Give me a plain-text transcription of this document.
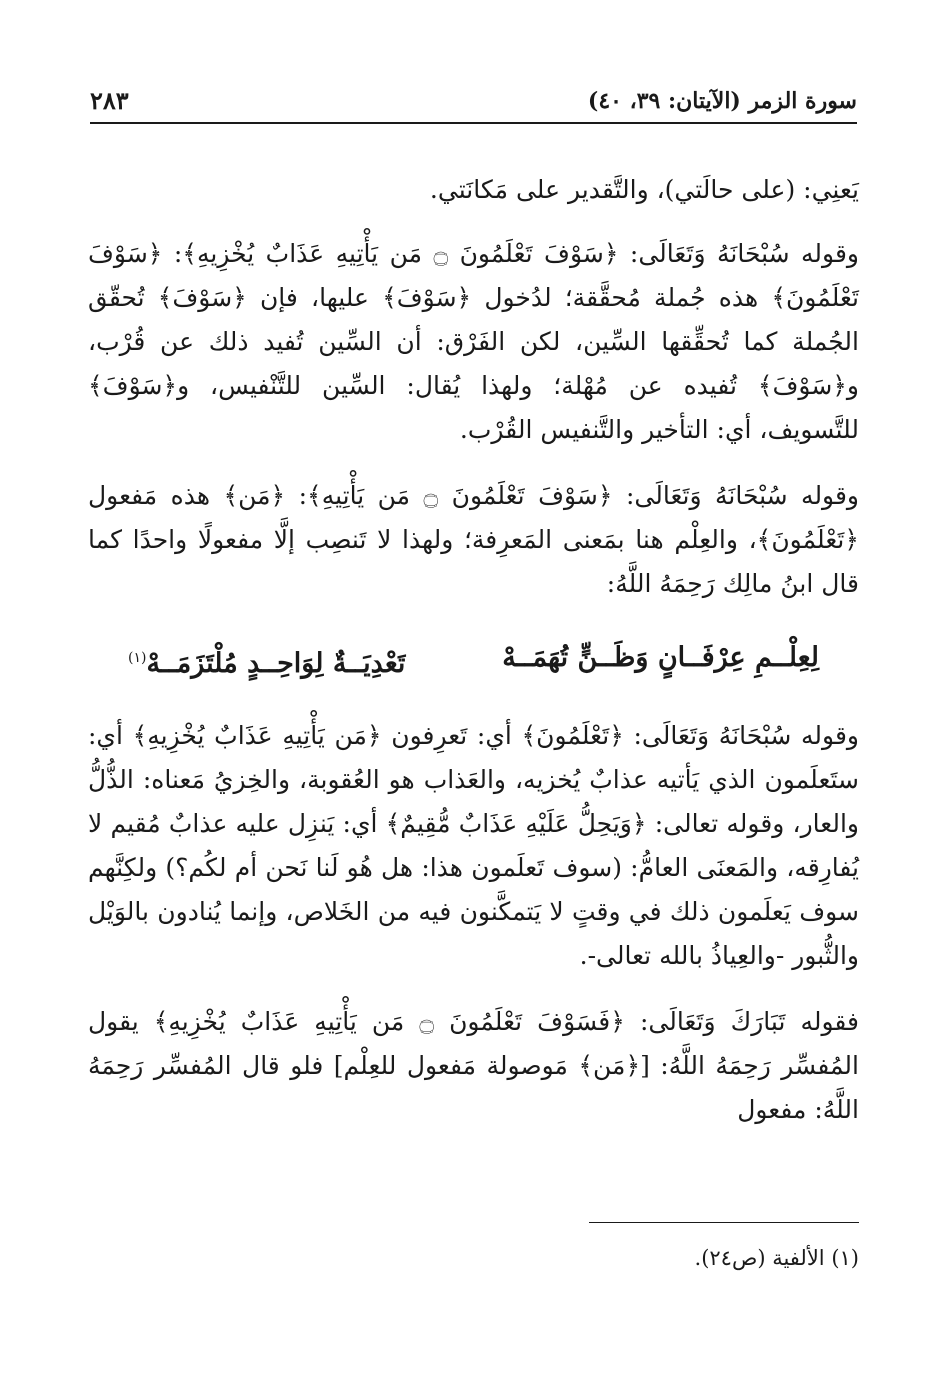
سورة الزمر (الآيتان: ٣٩، ٤٠)
٢٨٣

يَعنِي: (على حالَتي)، والتَّقدير على مَكانَتي.

وقوله سُبْحَانَهُ وَتَعَالَى: ﴿سَوْفَ تَعْلَمُونَ ۝ مَن يَأْتِيهِ عَذَابٌ يُخْزِيهِ﴾: ﴿سَوْفَ تَعْلَمُونَ﴾ هذه جُملة مُحقَّقة؛ لدُخول ﴿سَوْفَ﴾ عليها، فإن ﴿سَوْفَ﴾ تُحقّق الجُملة كما تُحقِّقها السِّين، لكن الفَرْق: أن السِّين تُفيد ذلك عن قُرْب، و﴿سَوْفَ﴾ تُفيده عن مُهْلة؛ ولهذا يُقال: السِّين للتَّنْفيس، و﴿سَوْفَ﴾ للتَّسويف، أي: التأخير والتَّنفيس القُرْب.

وقوله سُبْحَانَهُ وَتَعَالَى: ﴿سَوْفَ تَعْلَمُونَ ۝ مَن يَأْتِيهِ﴾: ﴿مَن﴾ هذه مَفعول ﴿تَعْلَمُونَ﴾، والعِلْم هنا بمَعنى المَعرِفة؛ ولهذا لا تَنصِب إلَّا مفعولًا واحدًا كما قال ابنُ مالِك رَحِمَهُ اللَّهُ:

لِعِلْــمِ عِرْفَــانٍ وَظَــنٍّ تُهَمَــهْ
تَعْدِيَــةٌ لِوَاحِــدٍ مُلْتَزَمَــهْ$^{(١)}$

وقوله سُبْحَانَهُ وَتَعَالَى: ﴿تَعْلَمُونَ﴾ أي: تَعرِفون ﴿مَن يَأْتِيهِ عَذَابٌ يُخْزِيهِ﴾ أي: ستَعلَمون الذي يَأتيه عذابٌ يُخزيه، والعَذاب هو العُقوبة، والخِزيُ مَعناه: الذُّلُّ والعار، وقوله تعالى: ﴿وَيَحِلُّ عَلَيْهِ عَذَابٌ مُّقِيمٌ﴾ أي: يَنزِل عليه عذابٌ مُقيم لا يُفارِقه، والمَعنَى العامُّ: (سوف تَعلَمون هذا: هل هُو لَنا نَحن أم لكُم؟) ولكِنَّهم سوف يَعلَمون ذلك في وقتٍ لا يَتمكَّنون فيه من الخَلاص، وإنما يُنادون بالوَيْل والثُّبور -والعِياذُ بالله تعالى-.

فقوله تَبَارَكَ وَتَعَالَى: ﴿فَسَوْفَ تَعْلَمُونَ ۝ مَن يَأْتِيهِ عَذَابٌ يُخْزِيهِ﴾ يقول المُفسِّر رَحِمَهُ اللَّهُ: [﴿مَن﴾ مَوصولة مَفعول للعِلْم] فلو قال المُفسِّر رَحِمَهُ اللَّهُ: مفعول

(١) الألفية (ص٢٤).
